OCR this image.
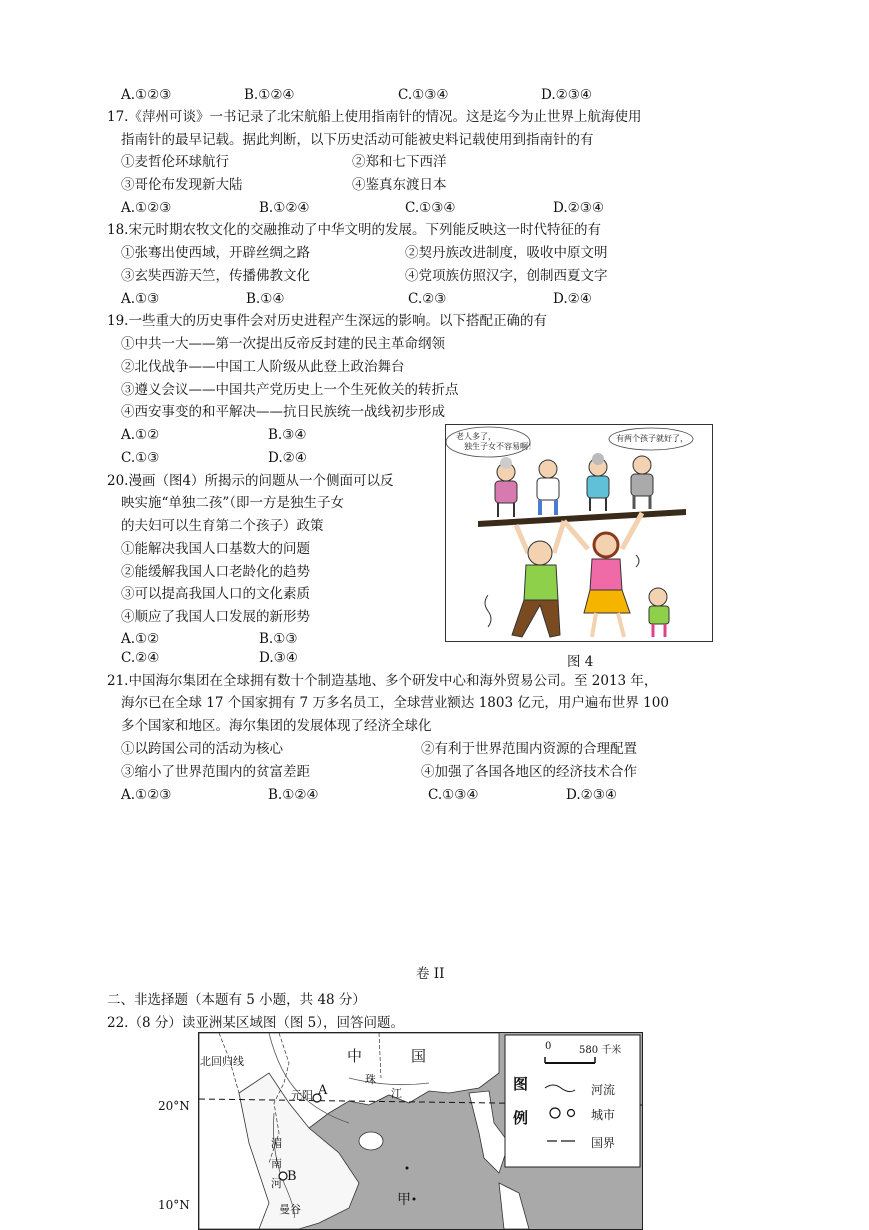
A.①②③	B.①②④	C.①③④	D.②③④
17.《萍州可谈》一书记录了北宋航船上使用指南针的情况。这是迄今为止世界上航海使用
指南针的最早记载。据此判断，以下历史活动可能被史料记载使用到指南针的有
①麦哲伦环球航行	②郑和七下西洋
③哥伦布发现新大陆	④鉴真东渡日本
A.①②③	B.①②④	C.①③④	D.②③④
18.宋元时期农牧文化的交融推动了中华文明的发展。下列能反映这一时代特征的有
①张骞出使西域，开辟丝绸之路	②契丹族改进制度，吸收中原文明
③玄奘西游天竺，传播佛教文化	④党项族仿照汉字，创制西夏文字
A.①③	B.①④	C.②③	D.②④
19.一些重大的历史事件会对历史进程产生深远的影响。以下搭配正确的有
①中共一大——第一次提出反帝反封建的民主革命纲领
②北伐战争——中国工人阶级从此登上政治舞台
③遵义会议——中国共产党历史上一个生死攸关的转折点
④西安事变的和平解决——抗日民族统一战线初步形成
A.①②	B.③④
C.①③	D.②④
20.漫画（图4）所揭示的问题从一个侧面可以反
映实施“单独二孩”（即一方是独生子女
的夫妇可以生育第二个孩子）政策
①能解决我国人口基数大的问题
②能缓解我国人口老龄化的趋势
③可以提高我国人口的文化素质
④顺应了我国人口发展的新形势
A.①②	B.①③
C.②④	D.③④
老人多了，
独生子女不容易啊！
有两个孩子就好了，
图 4
21.中国海尔集团在全球拥有数十个制造基地、多个研发中心和海外贸易公司。至 2013 年，
海尔已在全球 17 个国家拥有 7 万多名员工，全球营业额达 1803 亿元，用户遍布世界 100
多个国家和地区。海尔集团的发展体现了经济全球化
①以跨国公司的活动为核心	②有利于世界范围内资源的合理配置
③缩小了世界范围内的贫富差距	④加强了各国各地区的经济技术合作
A.①②③	B.①②④	C.①③④	D.②③④
卷 II
二、非选择题（本题有 5 小题，共 48 分）
22.（8 分）读亚洲某区域图（图 5），回答问题。
20°N
10°N
北回归线	中	国
珠
江
元阳 A
湄
南
河 B
曼谷
甲
0	580 千米
图
例
河流
城市
国界
